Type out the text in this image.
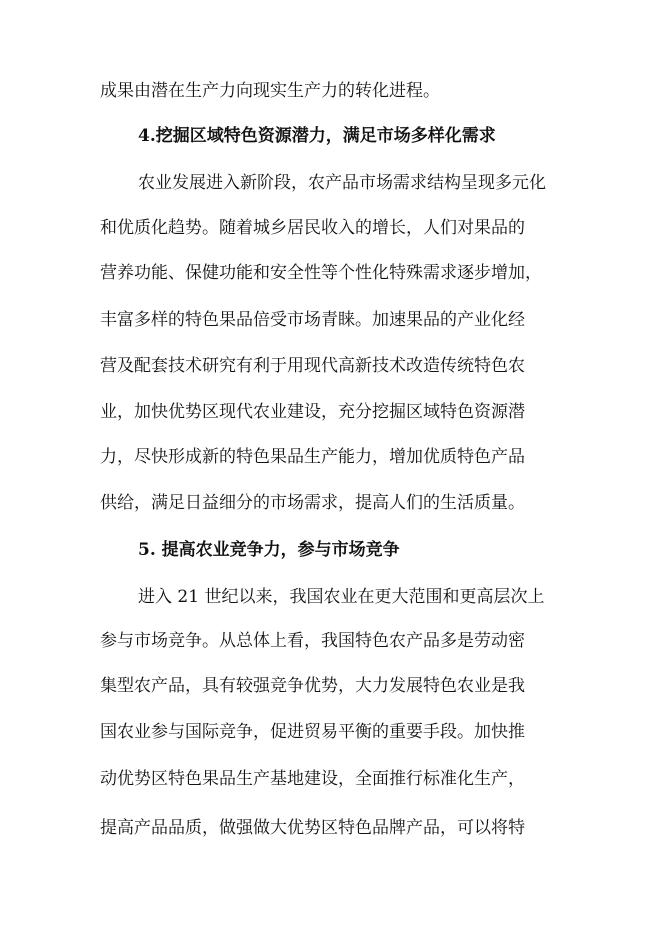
成果由潜在生产力向现实生产力的转化进程。
4.挖掘区域特色资源潜力，满足市场多样化需求
农业发展进入新阶段，农产品市场需求结构呈现多元化
和优质化趋势。随着城乡居民收入的增长，人们对果品的
营养功能、保健功能和安全性等个性化特殊需求逐步增加，
丰富多样的特色果品倍受市场青睐。加速果品的产业化经
营及配套技术研究有利于用现代高新技术改造传统特色农
业，加快优势区现代农业建设，充分挖掘区域特色资源潜
力，尽快形成新的特色果品生产能力，增加优质特色产品
供给，满足日益细分的市场需求，提高人们的生活质量。
5. 提高农业竞争力，参与市场竞争
进入 21 世纪以来，我国农业在更大范围和更高层次上
参与市场竞争。从总体上看，我国特色农产品多是劳动密
集型农产品，具有较强竞争优势，大力发展特色农业是我
国农业参与国际竞争，促进贸易平衡的重要手段。加快推
动优势区特色果品生产基地建设，全面推行标准化生产，
提高产品品质，做强做大优势区特色品牌产品，可以将特
